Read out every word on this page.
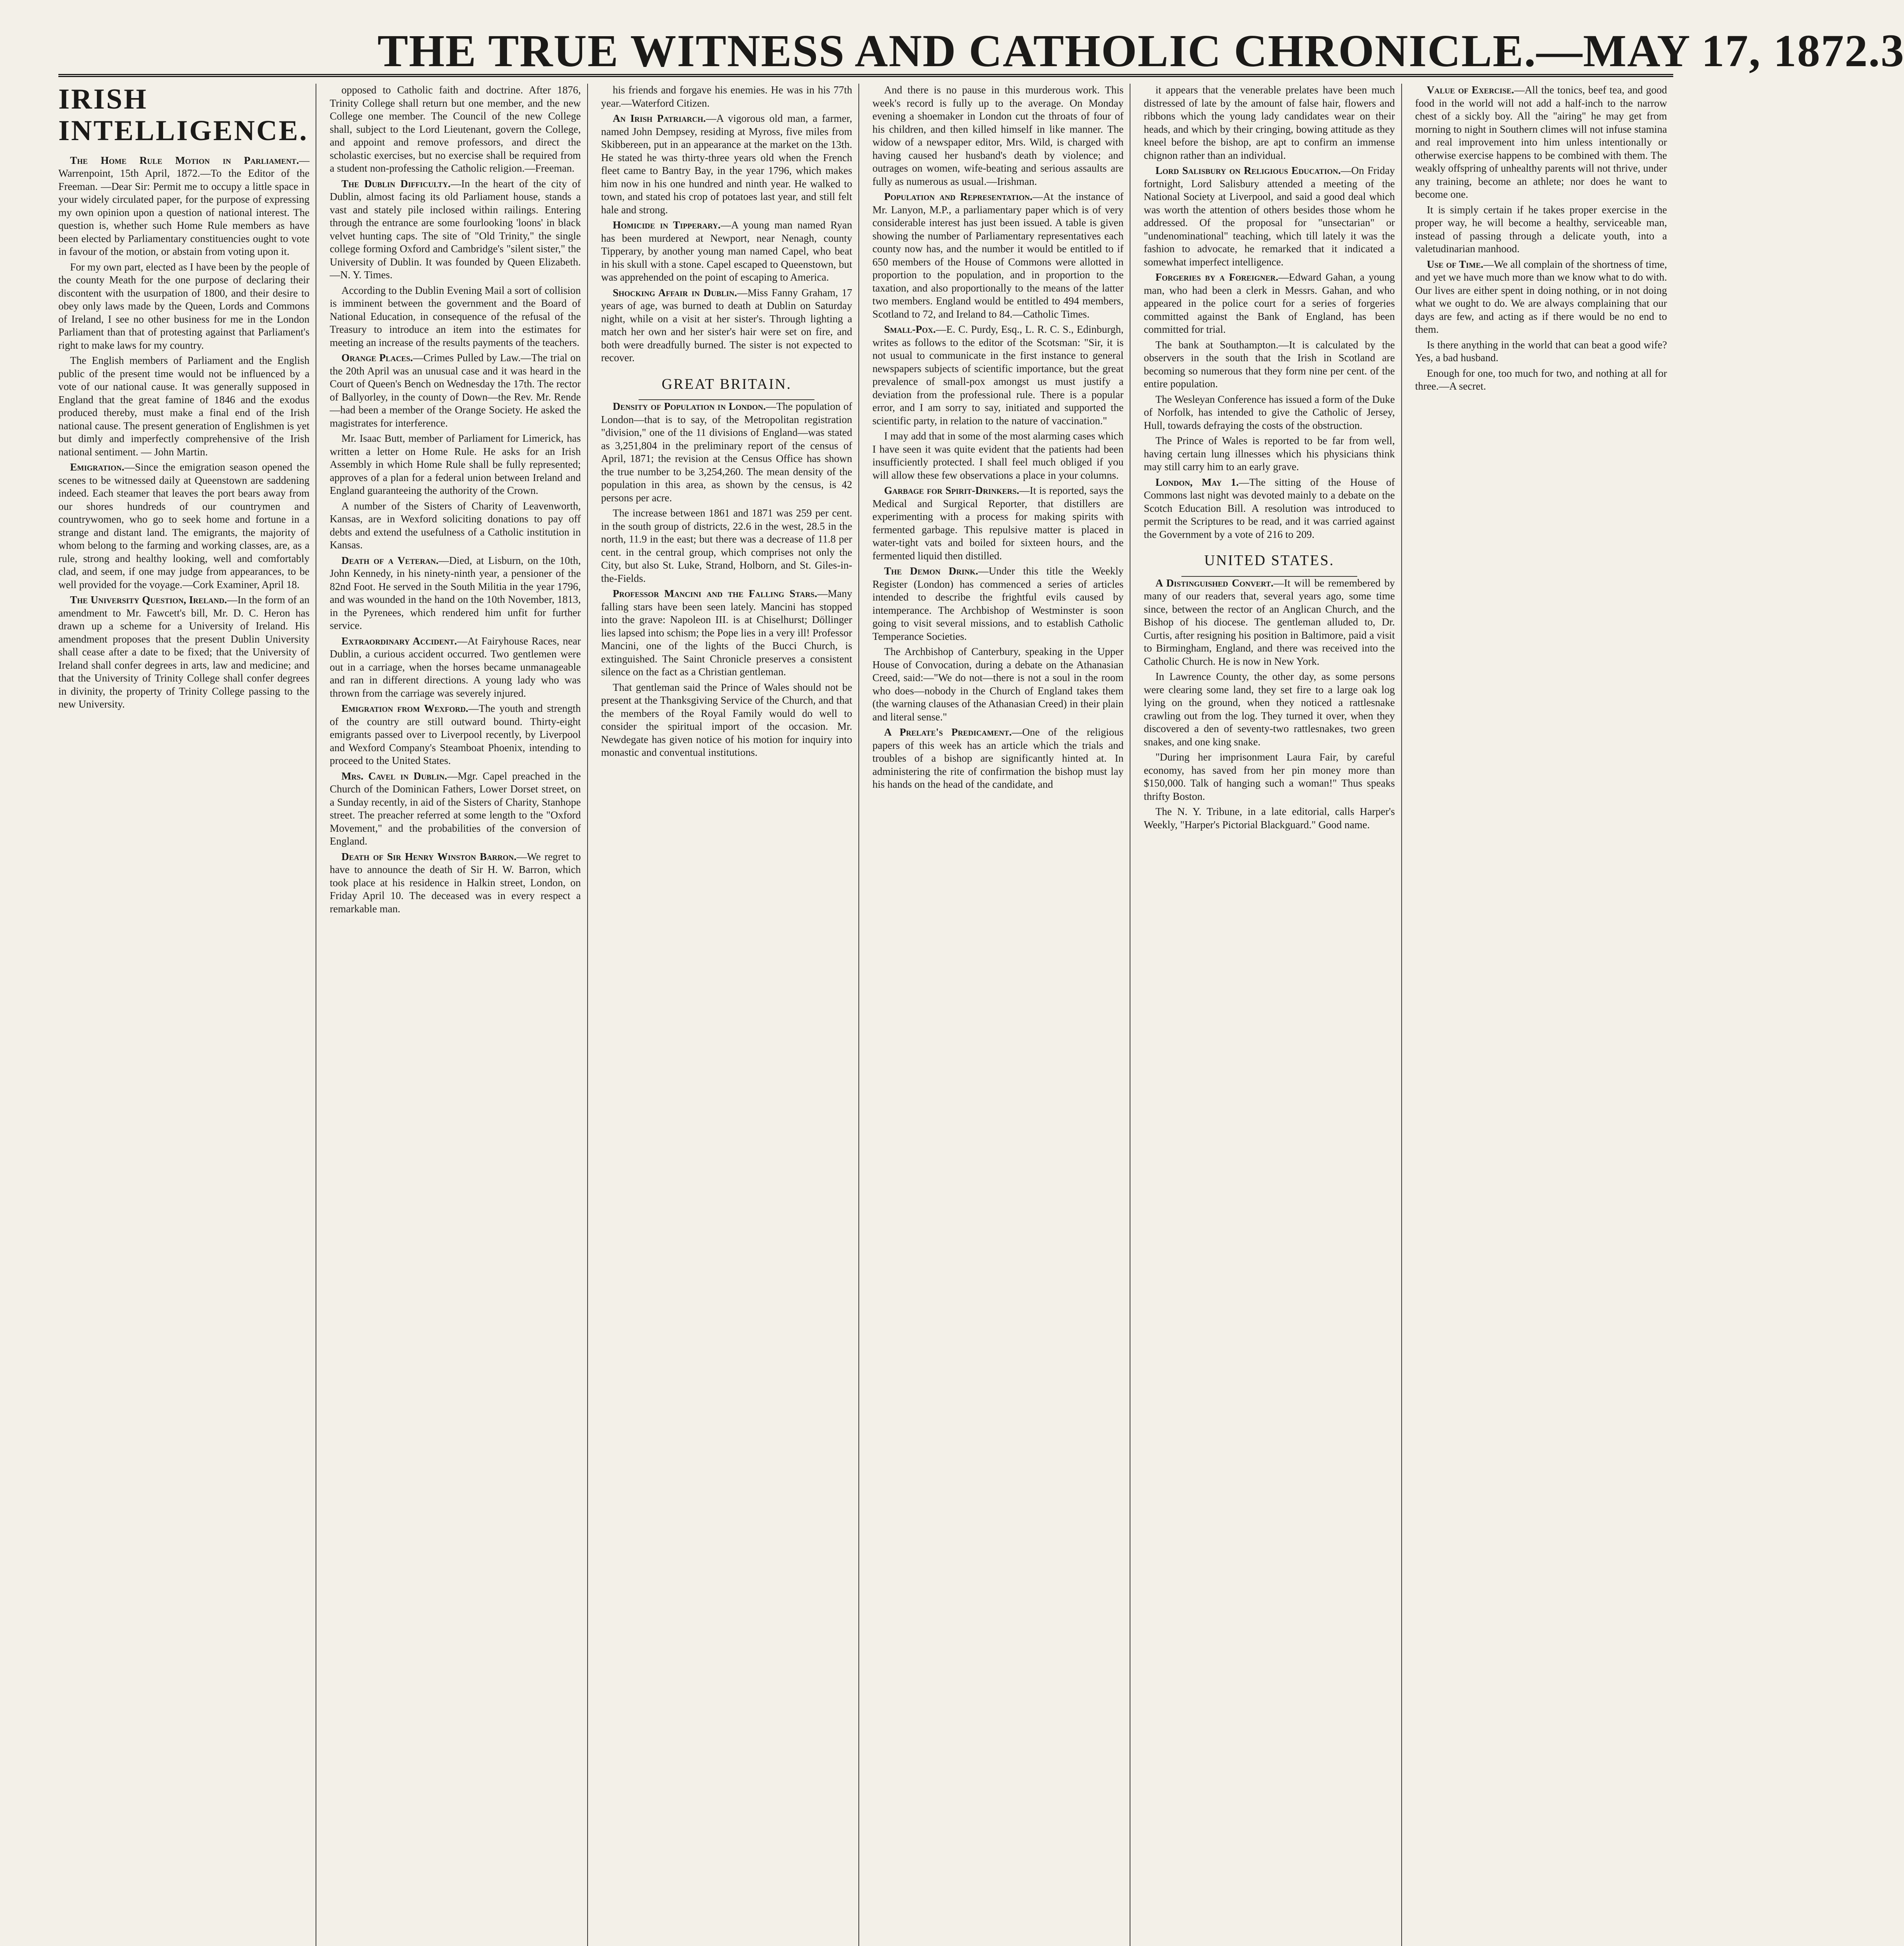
THE TRUE WITNESS AND CATHOLIC CHRONICLE.—MAY 17, 1872. 3
IRISH INTELLIGENCE.

The Home Rule Motion in Parliament.—Warrenpoint, 15th April, 1872.—To the Editor of the Freeman. —Dear Sir: Permit me to occupy a little space in your widely circulated paper, for the purpose of expressing my own opinion upon a question of national interest. The question is, whether such Home Rule members as have been elected by Parliamentary constituencies ought to vote in favour of the motion, or abstain from voting upon it.

For my own part, elected as I have been by the people of the county Meath for the one purpose of declaring their discontent with the usurpation of 1800, and their desire to obey only laws made by the Queen, Lords and Commons of Ireland, I see no other business for me in the London Parliament than that of protesting against that Parliament's right to make laws for my country.

The English members of Parliament and the English public of the present time would not be influenced by a vote of our national cause. It was generally supposed in England that the great famine of 1846 and the exodus produced thereby, must make a final end of the Irish national cause. The present generation of Englishmen is yet but dimly and imperfectly comprehensive of the Irish national sentiment. — John Martin.

Emigration.—Since the emigration season opened the scenes to be witnessed daily at Queenstown are saddening indeed. Each steamer that leaves the port bears away from our shores hundreds of our countrymen and countrywomen, who go to seek home and fortune in a strange and distant land. The emigrants, the majority of whom belong to the farming and working classes, are, as a rule, strong and healthy looking, well and comfortably clad, and seem, if one may judge from appearances, to be well provided for the voyage.—Cork Examiner, April 18.

The University Question, Ireland.—In the form of an amendment to Mr. Fawcett's bill, Mr. D. C. Heron has drawn up a scheme for a University of Ireland. His amendment proposes that the present Dublin University shall cease after a date to be fixed; that the University of Ireland shall confer degrees in arts, law and medicine; and that the University of Trinity College shall confer degrees in divinity, the property of Trinity College passing to the new University.

opposed to Catholic faith and doctrine. After 1876, Trinity College shall return but one member, and the new College one member. The Council of the new College shall, subject to the Lord Lieutenant, govern the College, and appoint and remove professors, and direct the scholastic exercises, but no exercise shall be required from a student non-professing the Catholic religion.—Freeman.

The Dublin Difficulty.—In the heart of the city of Dublin, almost facing its old Parliament house, stands a vast and stately pile inclosed within railings. Entering through the entrance are some fourlooking 'loons' in black velvet hunting caps. The site of "Old Trinity," the single college forming Oxford and Cambridge's "silent sister," the University of Dublin. It was founded by Queen Elizabeth.—N. Y. Times.

According to the Dublin Evening Mail a sort of collision is imminent between the government and the Board of National Education, in consequence of the refusal of the Treasury to introduce an item into the estimates for meeting an increase of the results payments of the teachers.

Orange Places.—Crimes Pulled by Law.—The trial on the 20th April was an unusual case and it was heard in the Court of Queen's Bench on Wednesday the 17th. The rector of Ballyorley, in the county of Down—the Rev. Mr. Rende—had been a member of the Orange Society. He asked the magistrates for interference.

Mr. Isaac Butt, member of Parliament for Limerick, has written a letter on Home Rule. He asks for an Irish Assembly in which Home Rule shall be fully represented; approves of a plan for a federal union between Ireland and England guaranteeing the authority of the Crown.

A number of the Sisters of Charity of Leavenworth, Kansas, are in Wexford soliciting donations to pay off debts and extend the usefulness of a Catholic institution in Kansas.

Death of a Veteran.—Died, at Lisburn, on the 10th, John Kennedy, in his ninety-ninth year, a pensioner of the 82nd Foot. He served in the South Militia in the year 1796, and was wounded in the hand on the 10th November, 1813, in the Pyrenees, which rendered him unfit for further service.

Extraordinary Accident.—At Fairyhouse Races, near Dublin, a curious accident occurred. Two gentlemen were out in a carriage, when the horses became unmanageable and ran in different directions. A young lady who was thrown from the carriage was severely injured.

Emigration from Wexford.—The youth and strength of the country are still outward bound. Thirty-eight emigrants passed over to Liverpool recently, by Liverpool and Wexford Company's Steamboat Phoenix, intending to proceed to the United States.

Mrs. Cavel in Dublin.—Mgr. Capel preached in the Church of the Dominican Fathers, Lower Dorset street, on a Sunday recently, in aid of the Sisters of Charity, Stanhope street. The preacher referred at some length to the "Oxford Movement," and the probabilities of the conversion of England.

Death of Sir Henry Winston Barron.—We regret to have to announce the death of Sir H. W. Barron, which took place at his residence in Halkin street, London, on Friday April 10. The deceased was in every respect a remarkable man.

his friends and forgave his enemies. He was in his 77th year.—Waterford Citizen.

An Irish Patriarch.—A vigorous old man, a farmer, named John Dempsey, residing at Myross, five miles from Skibbereen, put in an appearance at the market on the 13th. He stated he was thirty-three years old when the French fleet came to Bantry Bay, in the year 1796, which makes him now in his one hundred and ninth year. He walked to town, and stated his crop of potatoes last year, and still felt hale and strong.

Homicide in Tipperary.—A young man named Ryan has been murdered at Newport, near Nenagh, county Tipperary, by another young man named Capel, who beat in his skull with a stone. Capel escaped to Queenstown, but was apprehended on the point of escaping to America.

Shocking Affair in Dublin.—Miss Fanny Graham, 17 years of age, was burned to death at Dublin on Saturday night, while on a visit at her sister's. Through lighting a match her own and her sister's hair were set on fire, and both were dreadfully burned. The sister is not expected to recover.

GREAT BRITAIN.

Density of Population in London.—The population of London—that is to say, of the Metropolitan registration "division," one of the 11 divisions of England—was stated as 3,251,804 in the preliminary report of the census of April, 1871; the revision at the Census Office has shown the true number to be 3,254,260. The mean density of the population in this area, as shown by the census, is 42 persons per acre.

The increase between 1861 and 1871 was 259 per cent. in the south group of districts, 22.6 in the west, 28.5 in the north, 11.9 in the east; but there was a decrease of 11.8 per cent. in the central group, which comprises not only the City, but also St. Luke, Strand, Holborn, and St. Giles-in-the-Fields.

Professor Mancini and the Falling Stars.—Many falling stars have been seen lately. Mancini has stopped into the grave: Napoleon III. is at Chiselhurst; Döllinger lies lapsed into schism; the Pope lies in a very ill! Professor Mancini, one of the lights of the Bucci Church, is extinguished. The Saint Chronicle preserves a consistent silence on the fact as a Christian gentleman.

That gentleman said the Prince of Wales should not be present at the Thanksgiving Service of the Church, and that the members of the Royal Family would do well to consider the spiritual import of the occasion. Mr. Newdegate has given notice of his motion for inquiry into monastic and conventual institutions.

And there is no pause in this murderous work. This week's record is fully up to the average. On Monday evening a shoemaker in London cut the throats of four of his children, and then killed himself in like manner. The widow of a newspaper editor, Mrs. Wild, is charged with having caused her husband's death by violence; and outrages on women, wife-beating and serious assaults are fully as numerous as usual.—Irishman.

Population and Representation.—At the instance of Mr. Lanyon, M.P., a parliamentary paper which is of very considerable interest has just been issued. A table is given showing the number of Parliamentary representatives each county now has, and the number it would be entitled to if 650 members of the House of Commons were allotted in proportion to the population, and in proportion to the taxation, and also proportionally to the means of the latter two members. England would be entitled to 494 members, Scotland to 72, and Ireland to 84.—Catholic Times.

Small-Pox.—E. C. Purdy, Esq., L. R. C. S., Edinburgh, writes as follows to the editor of the Scotsman: "Sir, it is not usual to communicate in the first instance to general newspapers subjects of scientific importance, but the great prevalence of small-pox amongst us must justify a deviation from the professional rule. There is a popular error, and I am sorry to say, initiated and supported the scientific party, in relation to the nature of vaccination."

I may add that in some of the most alarming cases which I have seen it was quite evident that the patients had been insufficiently protected. I shall feel much obliged if you will allow these few observations a place in your columns.

Garbage for Spirit-Drinkers.—It is reported, says the Medical and Surgical Reporter, that distillers are experimenting with a process for making spirits with fermented garbage. This repulsive matter is placed in water-tight vats and boiled for sixteen hours, and the fermented liquid then distilled.

The Demon Drink.—Under this title the Weekly Register (London) has commenced a series of articles intended to describe the frightful evils caused by intemperance. The Archbishop of Westminster is soon going to visit several missions, and to establish Catholic Temperance Societies.

The Archbishop of Canterbury, speaking in the Upper House of Convocation, during a debate on the Athanasian Creed, said:—"We do not—there is not a soul in the room who does—nobody in the Church of England takes them (the warning clauses of the Athanasian Creed) in their plain and literal sense."

A Prelate's Predicament.—One of the religious papers of this week has an article which the trials and troubles of a bishop are significantly hinted at. In administering the rite of confirmation the bishop must lay his hands on the head of the candidate, and

it appears that the venerable prelates have been much distressed of late by the amount of false hair, flowers and ribbons which the young lady candidates wear on their heads, and which by their cringing, bowing attitude as they kneel before the bishop, are apt to confirm an immense chignon rather than an individual.

Lord Salisbury on Religious Education.—On Friday fortnight, Lord Salisbury attended a meeting of the National Society at Liverpool, and said a good deal which was worth the attention of others besides those whom he addressed. Of the proposal for "unsectarian" or "undenominational" teaching, which till lately it was the fashion to advocate, he remarked that it indicated a somewhat imperfect intelligence.

Forgeries by a Foreigner.—Edward Gahan, a young man, who had been a clerk in Messrs. Gahan, and who appeared in the police court for a series of forgeries committed against the Bank of England, has been committed for trial.

The bank at Southampton.—It is calculated by the observers in the south that the Irish in Scotland are becoming so numerous that they form nine per cent. of the entire population.

The Wesleyan Conference has issued a form of the Duke of Norfolk, has intended to give the Catholic of Jersey, Hull, towards defraying the costs of the obstruction.

The Prince of Wales is reported to be far from well, having certain lung illnesses which his physicians think may still carry him to an early grave.

London, May 1.—The sitting of the House of Commons last night was devoted mainly to a debate on the Scotch Education Bill. A resolution was introduced to permit the Scriptures to be read, and it was carried against the Government by a vote of 216 to 209.

UNITED STATES.

A Distinguished Convert.—It will be remembered by many of our readers that, several years ago, some time since, between the rector of an Anglican Church, and the Bishop of his diocese. The gentleman alluded to, Dr. Curtis, after resigning his position in Baltimore, paid a visit to Birmingham, England, and there was received into the Catholic Church. He is now in New York.

In Lawrence County, the other day, as some persons were clearing some land, they set fire to a large oak log lying on the ground, when they noticed a rattlesnake crawling out from the log. They turned it over, when they discovered a den of seventy-two rattlesnakes, two green snakes, and one king snake.

"During her imprisonment Laura Fair, by careful economy, has saved from her pin money more than $150,000. Talk of hanging such a woman!" Thus speaks thrifty Boston.

The N. Y. Tribune, in a late editorial, calls Harper's Weekly, "Harper's Pictorial Blackguard." Good name.

Value of Exercise.—All the tonics, beef tea, and good food in the world will not add a half-inch to the narrow chest of a sickly boy. All the "airing" he may get from morning to night in Southern climes will not infuse stamina and real improvement into him unless intentionally or otherwise exercise happens to be combined with them. The weakly offspring of unhealthy parents will not thrive, under any training, become an athlete; nor does he want to become one.

It is simply certain if he takes proper exercise in the proper way, he will become a healthy, serviceable man, instead of passing through a delicate youth, into a valetudinarian manhood.

Use of Time.—We all complain of the shortness of time, and yet we have much more than we know what to do with. Our lives are either spent in doing nothing, or in not doing what we ought to do. We are always complaining that our days are few, and acting as if there would be no end to them.

Is there anything in the world that can beat a good wife? Yes, a bad husband.

Enough for one, too much for two, and nothing at all for three.—A secret.
